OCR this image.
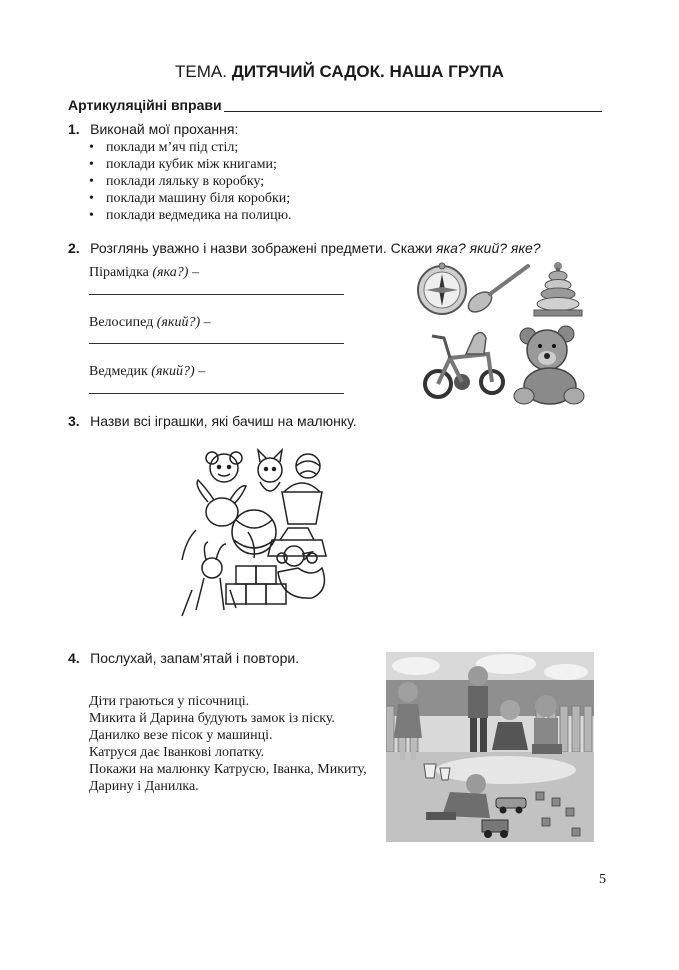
ТЕМА. ДИТЯЧИЙ САДОК. НАША ГРУПА
Артикуляційні вправи
1. Виконай мої прохання:
• поклади м’яч під стіл;
• поклади кубик між книгами;
• поклади ляльку в коробку;
• поклади машину біля коробки;
• поклади ведмедика на полицю.
2. Розглянь уважно і назви зображені предмети. Скажи яка? який? яке?
Пірамідка (яка?) –
Велосипед (який?) –
Ведмедик (який?) –
3. Назви всі іграшки, які бачиш на малюнку.
4. Послухай, запам’ятай і повтори.

Діти граються у пісочниці.

Микита й Дарина будують замок із піску.

Данилко везе пісок у машинці.

Катруся дає Іванкові лопатку.

Покажи на малюнку Катрусю, Іванка, Микиту,

Дарину і Данилка.

5
